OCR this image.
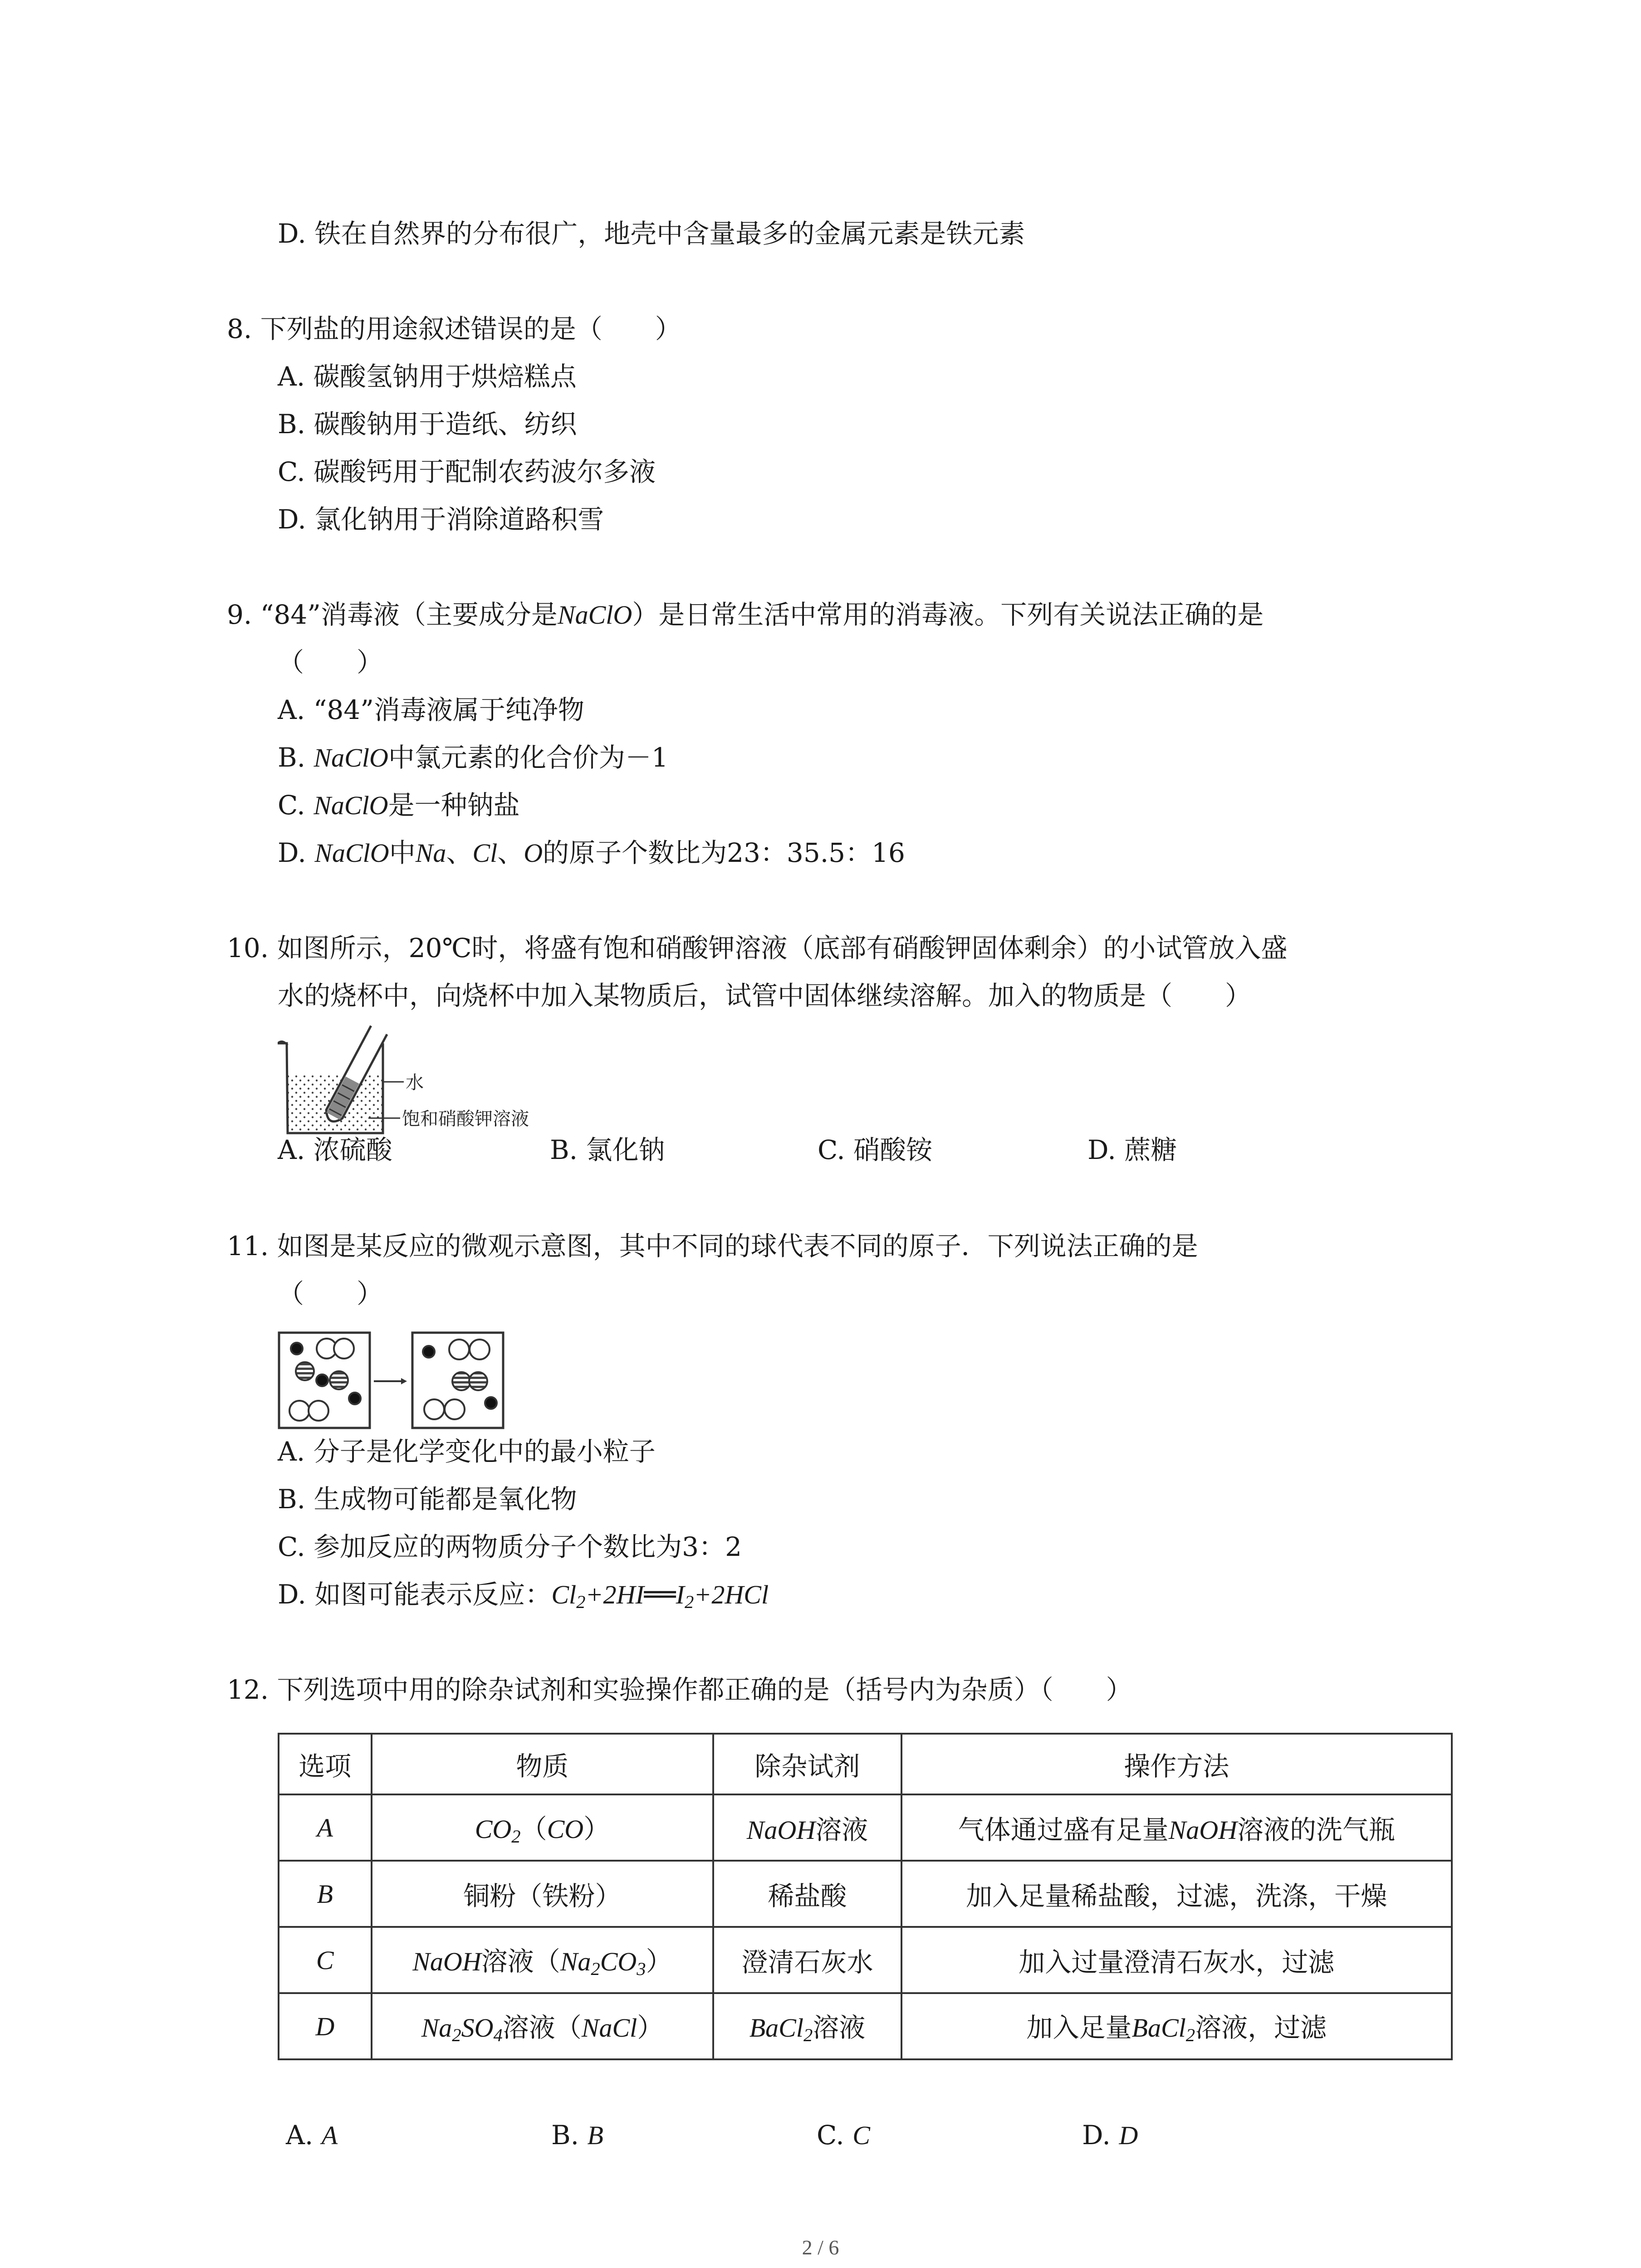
D. 铁在自然界的分布很广，地壳中含量最多的金属元素是铁元素
8. 下列盐的用途叙述错误的是（　　）
A. 碳酸氢钠用于烘焙糕点
B. 碳酸钠用于造纸、纺织
C. 碳酸钙用于配制农药波尔多液
D. 氯化钠用于消除道路积雪
9. “84”消毒液（主要成分是NaClO）是日常生活中常用的消毒液。下列有关说法正确的是
（　　）
A. “84”消毒液属于纯净物
B. NaClO中氯元素的化合价为－1
C. NaClO是一种钠盐
D. NaClO中Na、Cl、O的原子个数比为23：35.5：16
10. 如图所示，20℃时，将盛有饱和硝酸钾溶液（底部有硝酸钾固体剩余）的小试管放入盛
水的烧杯中，向烧杯中加入某物质后，试管中固体继续溶解。加入的物质是（　　）
水
饱和硝酸钾溶液
A. 浓硫酸	B. 氯化钠	C. 硝酸铵	D. 蔗糖
11. 如图是某反应的微观示意图，其中不同的球代表不同的原子．下列说法正确的是
（　　）
A. 分子是化学变化中的最小粒子
B. 生成物可能都是氧化物
C. 参加反应的两物质分子个数比为3：2
D. 如图可能表示反应：$Cl_2+2HI══I_2+2HCl$
12. 下列选项中用的除杂试剂和实验操作都正确的是（括号内为杂质）（　　）
选项	物质	除杂试剂	操作方法
A	$CO_2(CO)$	NaOH溶液	气体通过盛有足量NaOH溶液的洗气瓶
B	铜粉（铁粉）	稀盐酸	加入足量稀盐酸，过滤，洗涤，干燥
C	NaOH溶液$(Na_2CO_3)$	澄清石灰水	加入过量澄清石灰水，过滤
D	$Na_2SO_4$溶液（NaCl）	BaCl$_2$溶液	加入足量BaCl$_2$溶液，过滤
A. A	B. B	C. C	D. D
2 / 6
